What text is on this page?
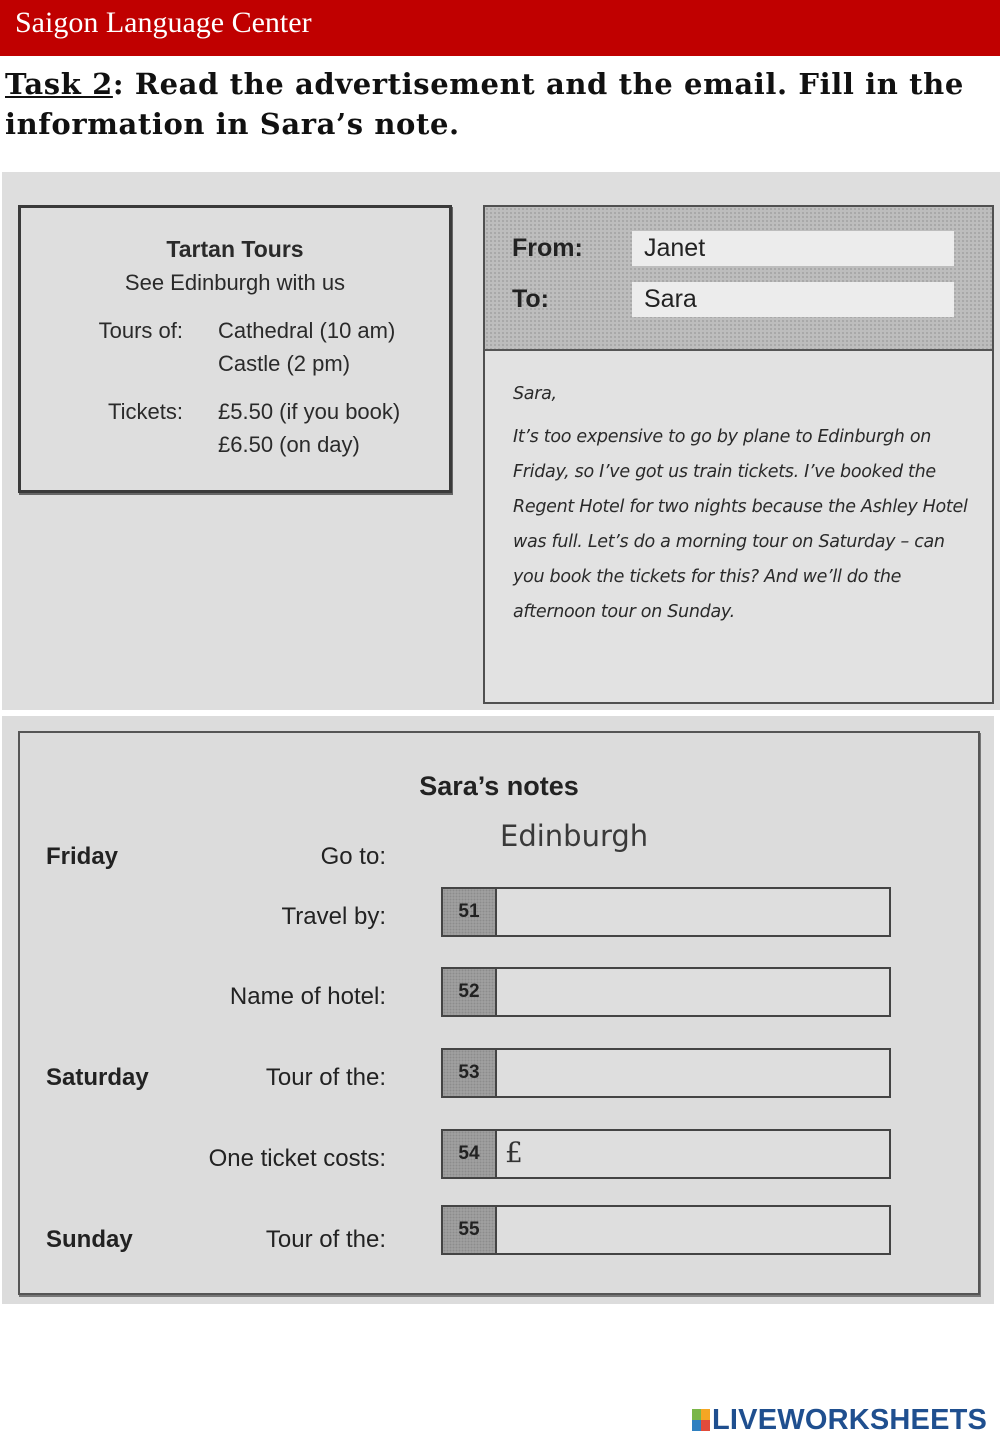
Saigon Language Center
Task 2: Read the advertisement and the email. Fill in the information in Sara’s note.
Tartan Tours
See Edinburgh with us
Tours of: Cathedral (10 am)
Castle (2 pm)
Tickets: £5.50 (if you book)
£6.50 (on day)
From: Janet
To:	Sara
Sara,
It’s too expensive to go by plane to Edinburgh on Friday, so I’ve got us train tickets. I’ve booked the Regent Hotel for two nights because the Ashley Hotel was full. Let’s do a morning tour on Saturday – can you book the tickets for this? And we’ll do the afternoon tour on Sunday.
Sara’s notes
Friday	Go to:
Edinburgh
Travel by:	51
Name of hotel:	52
Saturday	Tour of the:	53
One ticket costs:	54 £
Sunday	Tour of the:	55
LIVEWORKSHEETS
